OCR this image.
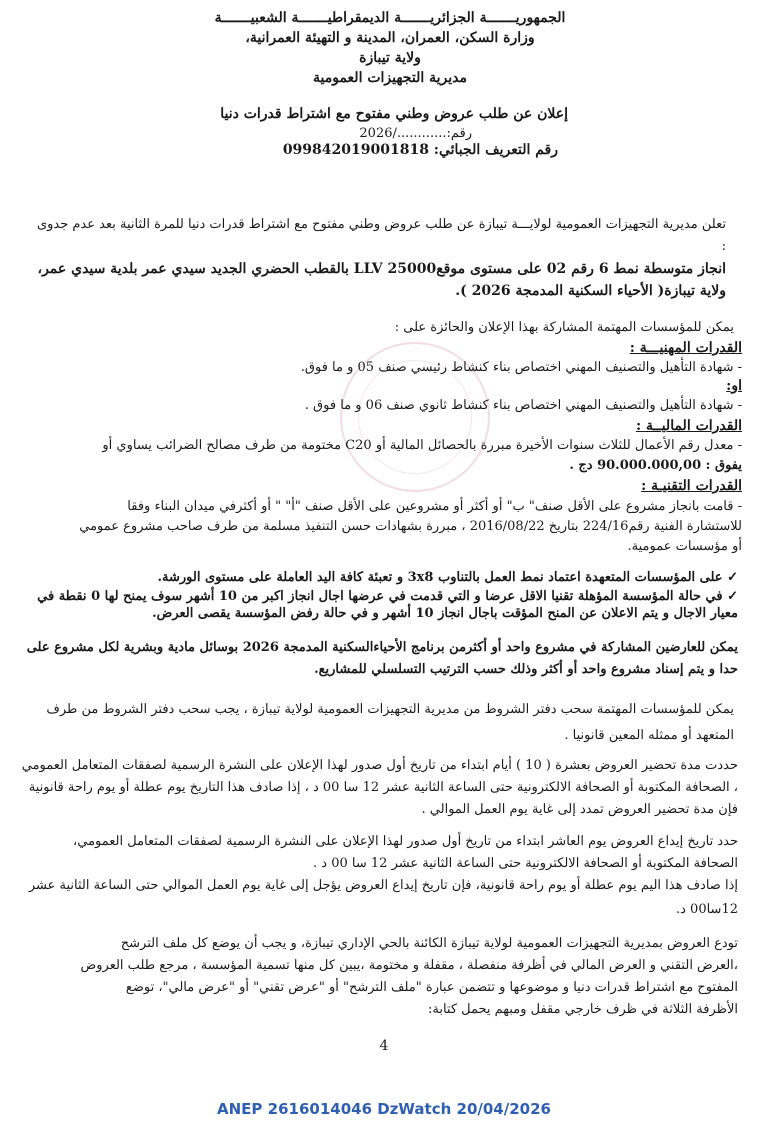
الجمهوريـــــــة الجزائريـــــــة الديمقراطيـــــــة الشعبيـــــــة
وزارة السكن، العمران، المدينة و التهيئة العمرانية،
ولاية تيبازة
مديرية التجهيزات العمومية
إعلان عن طلب عروض وطني مفتوح مع اشتراط قدرات دنيا
رقم:............/2026
رقم التعريف الجبائي: 09984201900181‪8
تعلن مديرية التجهيزات العمومية لولايـــة تيبازة عن طلب عروض وطني مفتوح مع اشتراط قدرات دنيا للمرة الثانية بعد عدم جدوى :
انجاز متوسطة نمط 6 رقم 02 على مستوى موقع25000 LLV بالقطب الحضري الجديد سيدي عمر بلدية سيدي عمر، ولاية تيبازة( الأحياء السكنية المدمجة 2026 ).
يمكن للمؤسسات المهتمة المشاركة بهذا الإعلان والحائزة على :
القدرات المهنيـــة :
- شهادة التأهيل والتصنيف المهني اختصاص بناء كنشاط رئيسي صنف 05 و ما فوق.
او:
- شهادة التأهيل والتصنيف المهني اختصاص بناء كنشاط ثانوي صنف 06 و ما فوق .
القدرات الماليــة :
- معدل رقم الأعمال للثلاث سنوات الأخيرة مبررة بالحصائل المالية أو C20 مختومة من طرف مصالح الضرائب يساوي أو
يفوق : 90.000.000,00 دج .
القدرات التقنيـة :
- قامت بانجاز مشروع على الأقل صنف" ب" أو أكثر أو مشروعين على الأقل صنف "أ" " أو أكثرفي ميدان البناء وفقا
للاستشارة الفنية رقم224/16 بتاريخ 2016/08/22 ، مبررة بشهادات حسن التنفيذ مسلمة من طرف صاحب مشروع عمومي
أو مؤسسات عمومية.
✓ على المؤسسات المتعهدة اعتماد نمط العمل بالتناوب 3x8 و تعبئة كافة اليد العاملة على مستوى الورشة.
✓ في حالة المؤسسة المؤهلة تقنيا الاقل عرضا و التي قدمت في عرضها اجال انجاز اكبر من 10 أشهر سوف يمنح لها 0 نقطة في
معيار الاجال و يتم الاعلان عن المنح المؤقت باجال انجاز 10 أشهر و في حالة رفض المؤسسة يقصى العرض.
يمكن للعارضين المشاركة في مشروع واحد أو أكثرمن برنامج الأحياءالسكنية المدمجة 2026 بوسائل مادية وبشرية لكل مشروع على
حدا و يتم إسناد مشروع واحد أو أكثر وذلك حسب الترتيب التسلسلي للمشاريع.
يمكن للمؤسسات المهتمة سحب دفتر الشروط من مديرية التجهيزات العمومية لولاية تيبازة ، يجب سحب دفتر الشروط من طرف
المتعهد أو ممثله المعين قانونيا .
حددت مدة تحضير العروض بعشرة ( 10 ) أيام ابتداء من تاريخ أول صدور لهذا الإعلان على النشرة الرسمية لصفقات المتعامل العمومي
، الصحافة المكتوبة أو الصحافة الالكترونية حتى الساعة الثانية عشر 12 سا 00 د ، إذا صادف هذا التاريخ يوم عطلة أو يوم راحة قانونية
فإن مدة تحضير العروض تمدد إلى غاية يوم العمل الموالي .
حدد تاريخ إيداع العروض يوم العاشر ابتداء من تاريخ أول صدور لهذا الإعلان على النشرة الرسمية لصفقات المتعامل العمومي،
الصحافة المكتوبة أو الصحافة الالكترونية حتى الساعة الثانية عشر 12 سا 00 د .
إذا صادف هذا اليم يوم عطلة أو يوم راحة قانونية، فإن تاريخ إيداع العروض يؤجل إلى غاية يوم العمل الموالي حتى الساعة الثانية عشر
12سا00 د.
تودع العروض بمديرية التجهيزات العمومية لولاية تيبازة الكائنة بالحي الإداري تيبازة، و يجب أن يوضع كل ملف الترشح
،العرض التقني و العرض المالي في أظرفة منفصلة ، مقفلة و مختومة ،يبين كل منها تسمية المؤسسة ، مرجع طلب العروض
المفتوح مع اشتراط قدرات دنيا و موضوعها و تتضمن عبارة "ملف الترشح" أو "عرض تقني" أو "عرض مالي"، توضع
الأظرفة الثلاثة في ظرف خارجي مقفل ومبهم يحمل كتابة:
4
ANEP 2616014046 DzWatch 20/04/2026
